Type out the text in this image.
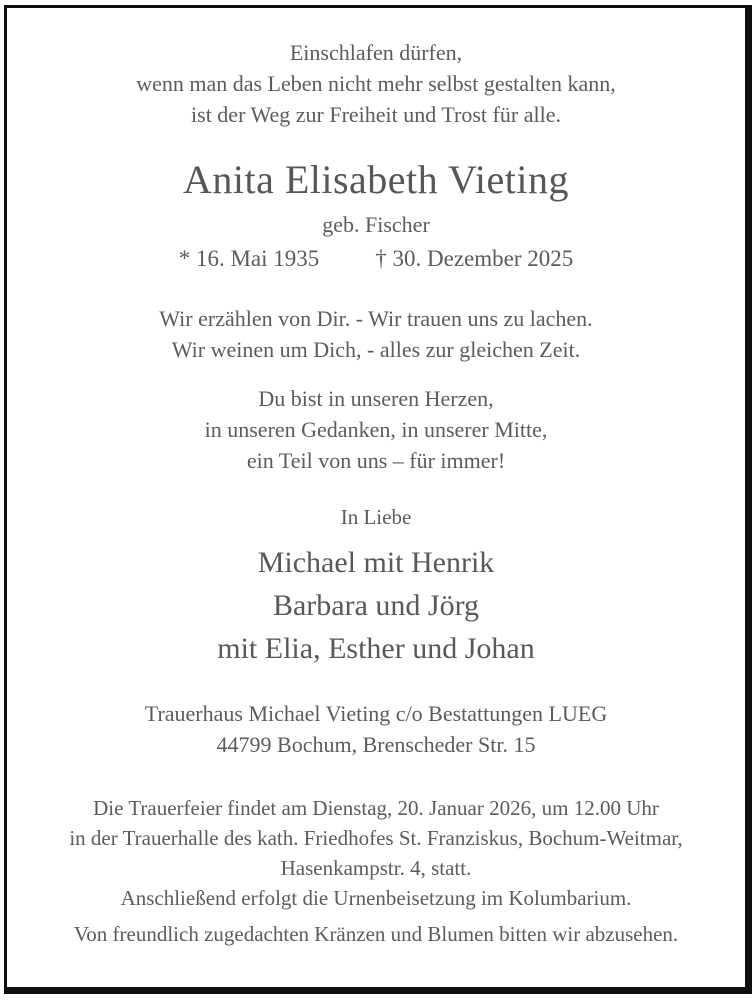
Einschlafen dürfen,
wenn man das Leben nicht mehr selbst gestalten kann,
ist der Weg zur Freiheit und Trost für alle.
Anita Elisabeth Vieting
geb. Fischer
* 16. Mai 1935 † 30. Dezember 2025
Wir erzählen von Dir. - Wir trauen uns zu lachen.
Wir weinen um Dich, - alles zur gleichen Zeit.
Du bist in unseren Herzen,
in unseren Gedanken, in unserer Mitte,
ein Teil von uns – für immer!
In Liebe
Michael mit Henrik
Barbara und Jörg
mit Elia, Esther und Johan
Trauerhaus Michael Vieting c/o Bestattungen LUEG
44799 Bochum, Brenscheder Str. 15
Die Trauerfeier findet am Dienstag, 20. Januar 2026, um 12.00 Uhr
in der Trauerhalle des kath. Friedhofes St. Franziskus, Bochum-Weitmar,
Hasenkampstr. 4, statt.
Anschließend erfolgt die Urnenbeisetzung im Kolumbarium.
Von freundlich zugedachten Kränzen und Blumen bitten wir abzusehen.
